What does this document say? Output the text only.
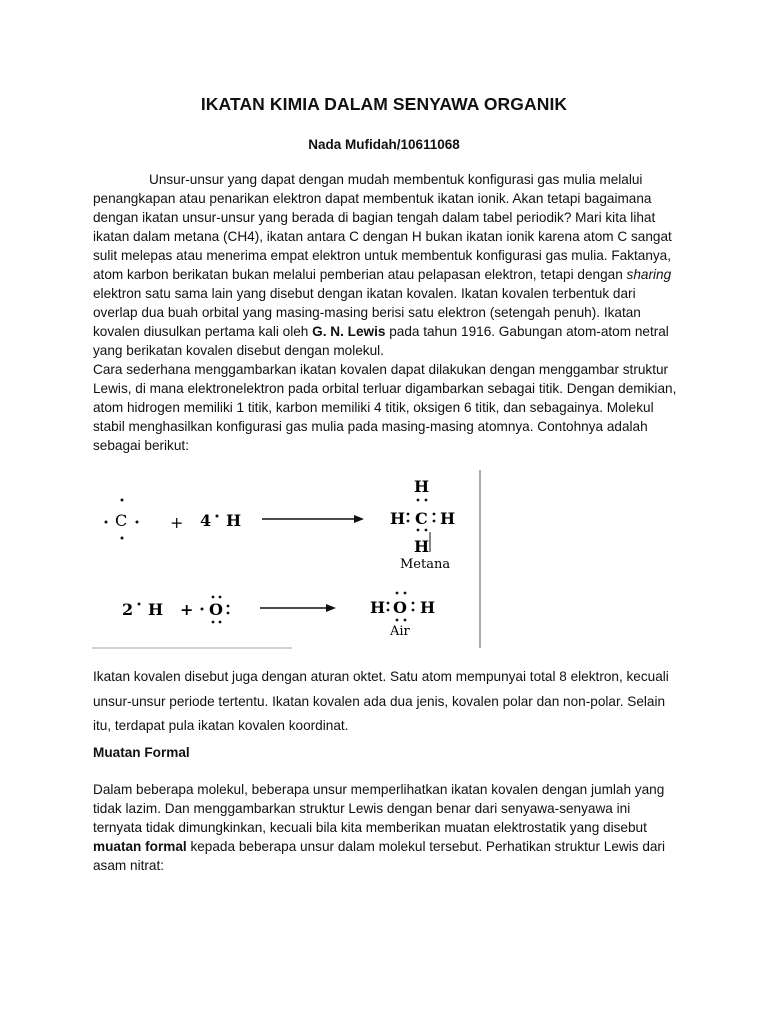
IKATAN KIMIA DALAM SENYAWA ORGANIK
Nada Mufidah/10611068
Unsur-unsur yang dapat dengan mudah membentuk konfigurasi gas mulia melalui penangkapan atau penarikan elektron dapat membentuk ikatan ionik. Akan tetapi bagaimana dengan ikatan unsur-unsur yang berada di bagian tengah dalam tabel periodik? Mari kita lihat ikatan dalam metana (CH4), ikatan antara C dengan H bukan ikatan ionik karena atom C sangat sulit melepas atau menerima empat elektron untuk membentuk konfigurasi gas mulia. Faktanya, atom karbon berikatan bukan melalui pemberian atau pelapasan elektron, tetapi dengan sharing elektron satu sama lain yang disebut dengan ikatan kovalen. Ikatan kovalen terbentuk dari overlap dua buah orbital yang masing-masing berisi satu elektron (setengah penuh). Ikatan kovalen diusulkan pertama kali oleh G. N. Lewis pada tahun 1916. Gabungan atom-atom netral yang berikatan kovalen disebut dengan molekul.
Cara sederhana menggambarkan ikatan kovalen dapat dilakukan dengan menggambar struktur Lewis, di mana elektronelektron pada orbital terluar digambarkan sebagai titik. Dengan demikian, atom hidrogen memiliki 1 titik, karbon memiliki 4 titik, oksigen 6 titik, dan sebagainya. Molekul stabil menghasilkan konfigurasi gas mulia pada masing-masing atomnya. Contohnya adalah sebagai berikut:
C	+ 4 H
H
H C H
H
Metana
2 H + O	H O H
Air
Ikatan kovalen disebut juga dengan aturan oktet. Satu atom mempunyai total 8 elektron, kecuali unsur-unsur periode tertentu. Ikatan kovalen ada dua jenis, kovalen polar dan non-polar. Selain itu, terdapat pula ikatan kovalen koordinat.
Muatan Formal
Dalam beberapa molekul, beberapa unsur memperlihatkan ikatan kovalen dengan jumlah yang tidak lazim. Dan menggambarkan struktur Lewis dengan benar dari senyawa-senyawa ini ternyata tidak dimungkinkan, kecuali bila kita memberikan muatan elektrostatik yang disebut muatan formal kepada beberapa unsur dalam molekul tersebut. Perhatikan struktur Lewis dari asam nitrat:
